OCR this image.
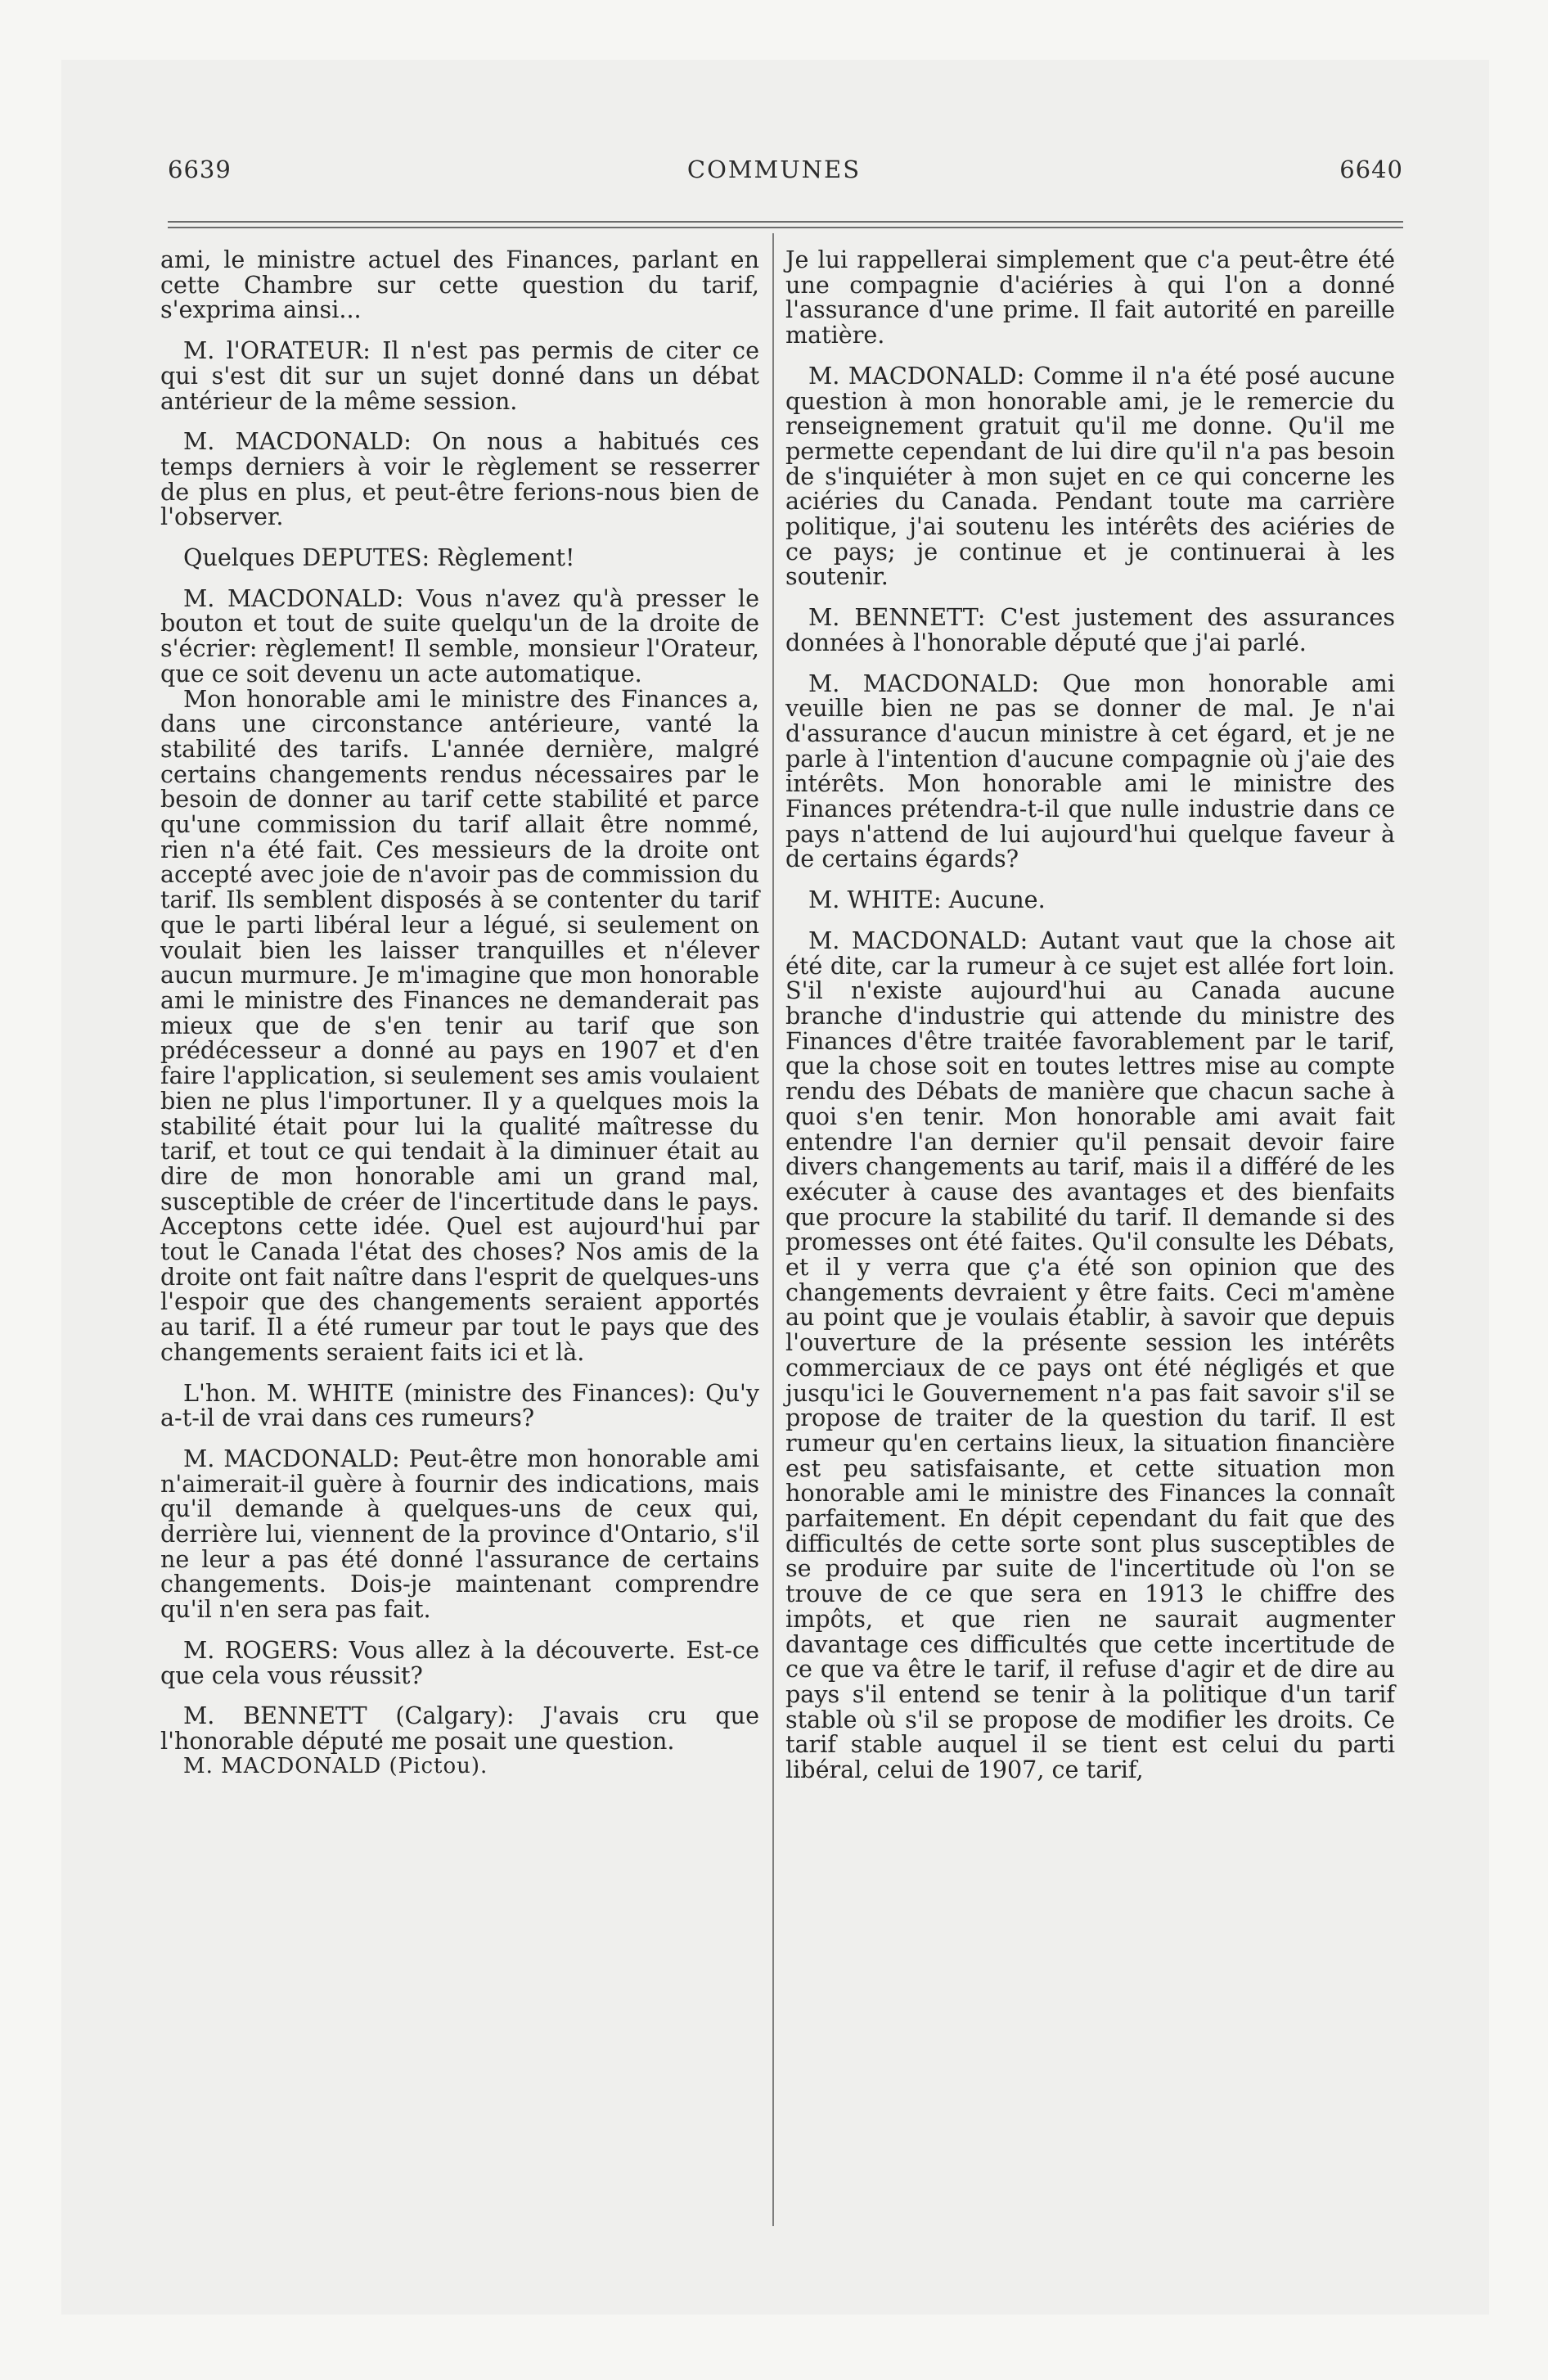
6639	COMMUNES	6640

ami, le ministre actuel des Finances, parlant en cette Chambre sur cette question du tarif, s'exprima ainsi...

M. l'ORATEUR: Il n'est pas permis de citer ce qui s'est dit sur un sujet donné dans un débat antérieur de la même session.

M. MACDONALD: On nous a habitués ces temps derniers à voir le règlement se resserrer de plus en plus, et peut-être ferions-nous bien de l'observer.

Quelques DEPUTES: Règlement!

M. MACDONALD: Vous n'avez qu'à presser le bouton et tout de suite quelqu'un de la droite de s'écrier: règlement! Il semble, monsieur l'Orateur, que ce soit devenu un acte automatique.

Mon honorable ami le ministre des Finances a, dans une circonstance antérieure, vanté la stabilité des tarifs. L'année dernière, malgré certains changements rendus nécessaires par le besoin de donner au tarif cette stabilité et parce qu'une commission du tarif allait être nommé, rien n'a été fait. Ces messieurs de la droite ont accepté avec joie de n'avoir pas de commission du tarif. Ils semblent disposés à se contenter du tarif que le parti libéral leur a légué, si seulement on voulait bien les laisser tranquilles et n'élever aucun murmure. Je m'imagine que mon honorable ami le ministre des Finances ne demanderait pas mieux que de s'en tenir au tarif que son prédécesseur a donné au pays en 1907 et d'en faire l'application, si seulement ses amis voulaient bien ne plus l'importuner. Il y a quelques mois la stabilité était pour lui la qualité maîtresse du tarif, et tout ce qui tendait à la diminuer était au dire de mon honorable ami un grand mal, susceptible de créer de l'incertitude dans le pays. Acceptons cette idée. Quel est aujourd'hui par tout le Canada l'état des choses? Nos amis de la droite ont fait naître dans l'esprit de quelques-uns l'espoir que des changements seraient apportés au tarif. Il a été rumeur par tout le pays que des changements seraient faits ici et là.

L'hon. M. WHITE (ministre des Finances): Qu'y a-t-il de vrai dans ces rumeurs?

M. MACDONALD: Peut-être mon honorable ami n'aimerait-il guère à fournir des indications, mais qu'il demande à quelques-uns de ceux qui, derrière lui, viennent de la province d'Ontario, s'il ne leur a pas été donné l'assurance de certains changements. Dois-je maintenant comprendre qu'il n'en sera pas fait.

M. ROGERS: Vous allez à la découverte. Est-ce que cela vous réussit?

M. BENNETT (Calgary): J'avais cru que l'honorable député me posait une question.

M. MACDONALD (Pictou).

Je lui rappellerai simplement que c'a peut-être été une compagnie d'aciéries à qui l'on a donné l'assurance d'une prime. Il fait autorité en pareille matière.

M. MACDONALD: Comme il n'a été posé aucune question à mon honorable ami, je le remercie du renseignement gratuit qu'il me donne. Qu'il me permette cependant de lui dire qu'il n'a pas besoin de s'inquiéter à mon sujet en ce qui concerne les aciéries du Canada. Pendant toute ma carrière politique, j'ai soutenu les intérêts des aciéries de ce pays; je continue et je continuerai à les soutenir.

M. BENNETT: C'est justement des assurances données à l'honorable député que j'ai parlé.

M. MACDONALD: Que mon honorable ami veuille bien ne pas se donner de mal. Je n'ai d'assurance d'aucun ministre à cet égard, et je ne parle à l'intention d'aucune compagnie où j'aie des intérêts. Mon honorable ami le ministre des Finances prétendra-t-il que nulle industrie dans ce pays n'attend de lui aujourd'hui quelque faveur à de certains égards?

M. WHITE: Aucune.

M. MACDONALD: Autant vaut que la chose ait été dite, car la rumeur à ce sujet est allée fort loin. S'il n'existe aujourd'hui au Canada aucune branche d'industrie qui attende du ministre des Finances d'être traitée favorablement par le tarif, que la chose soit en toutes lettres mise au compte rendu des Débats de manière que chacun sache à quoi s'en tenir. Mon honorable ami avait fait entendre l'an dernier qu'il pensait devoir faire divers changements au tarif, mais il a différé de les exécuter à cause des avantages et des bienfaits que procure la stabilité du tarif. Il demande si des promesses ont été faites. Qu'il consulte les Débats, et il y verra que ç'a été son opinion que des changements devraient y être faits. Ceci m'amène au point que je voulais établir, à savoir que depuis l'ouverture de la présente session les intérêts commerciaux de ce pays ont été négligés et que jusqu'ici le Gouvernement n'a pas fait savoir s'il se propose de traiter de la question du tarif. Il est rumeur qu'en certains lieux, la situation financière est peu satisfaisante, et cette situation mon honorable ami le ministre des Finances la connaît parfaitement. En dépit cependant du fait que des difficultés de cette sorte sont plus susceptibles de se produire par suite de l'incertitude où l'on se trouve de ce que sera en 1913 le chiffre des impôts, et que rien ne saurait augmenter davantage ces difficultés que cette incertitude de ce que va être le tarif, il refuse d'agir et de dire au pays s'il entend se tenir à la politique d'un tarif stable où s'il se propose de modifier les droits. Ce tarif stable auquel il se tient est celui du parti libéral, celui de 1907, ce tarif,
